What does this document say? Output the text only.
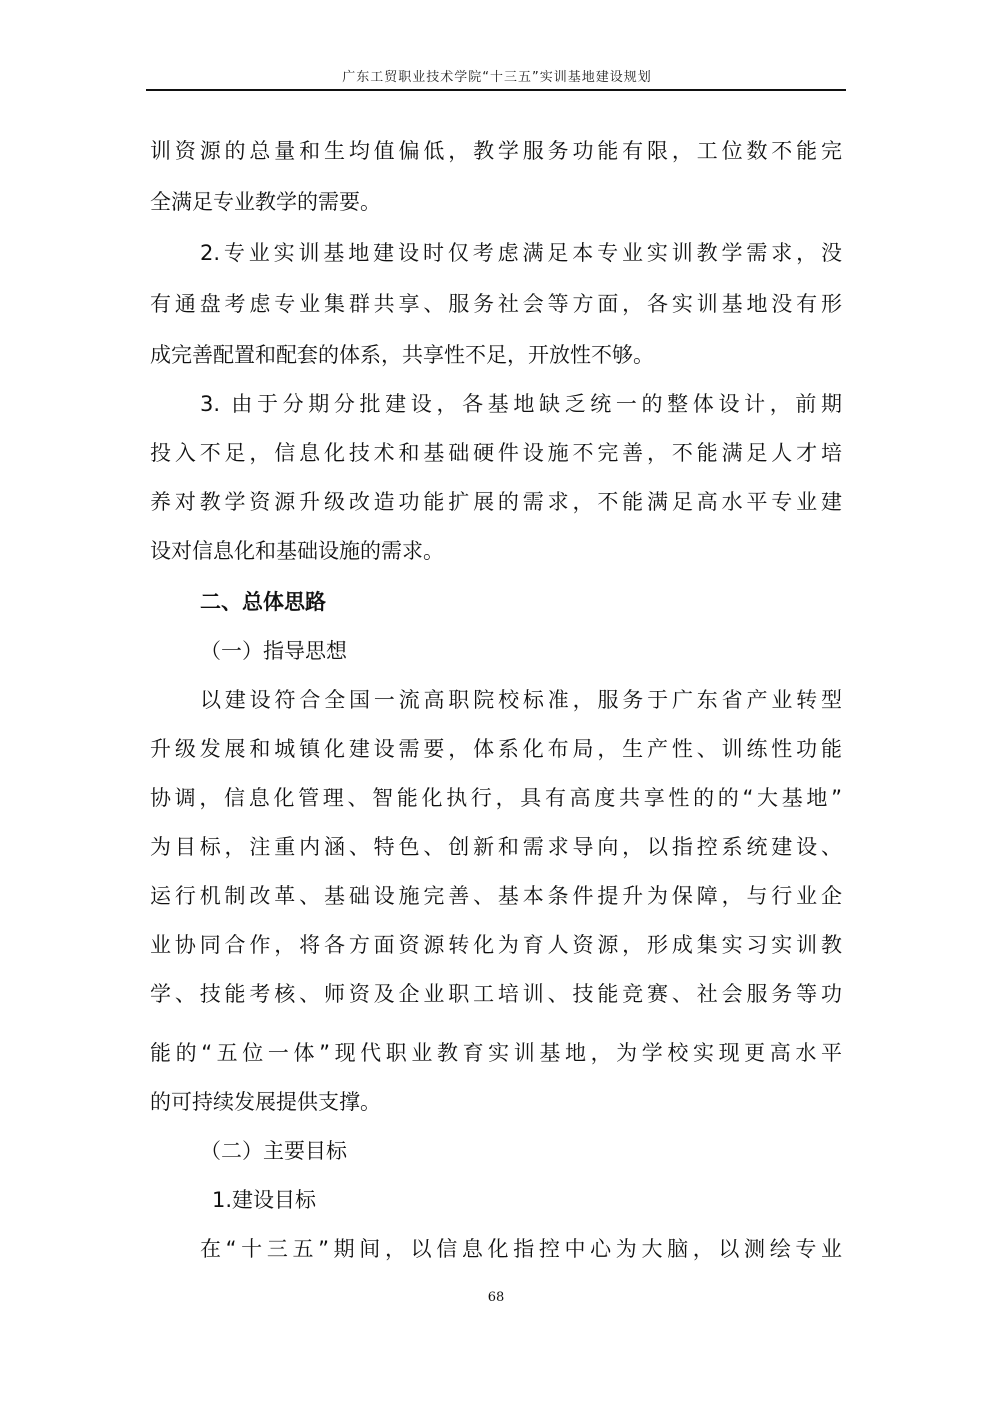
广东工贸职业技术学院“十三五”实训基地建设规划
训资源的总量和生均值偏低，教学服务功能有限，工位数不能完
全满足专业教学的需要。
2.专业实训基地建设时仅考虑满足本专业实训教学需求，没
有通盘考虑专业集群共享、服务社会等方面，各实训基地没有形
成完善配置和配套的体系，共享性不足，开放性不够。
3. 由于分期分批建设，各基地缺乏统一的整体设计，前期
投入不足，信息化技术和基础硬件设施不完善，不能满足人才培
养对教学资源升级改造功能扩展的需求，不能满足高水平专业建
设对信息化和基础设施的需求。
二、总体思路
（一）指导思想
以建设符合全国一流高职院校标准，服务于广东省产业转型
升级发展和城镇化建设需要，体系化布局，生产性、训练性功能
协调，信息化管理、智能化执行，具有高度共享性的的“大基地”
为目标，注重内涵、特色、创新和需求导向，以指控系统建设、
运行机制改革、基础设施完善、基本条件提升为保障，与行业企
业协同合作，将各方面资源转化为育人资源，形成集实习实训教
学、技能考核、师资及企业职工培训、技能竞赛、社会服务等功
能的“五位一体”现代职业教育实训基地，为学校实现更高水平
的可持续发展提供支撑。
（二）主要目标
1.建设目标
在“十三五”期间，以信息化指控中心为大脑，以测绘专业
68
